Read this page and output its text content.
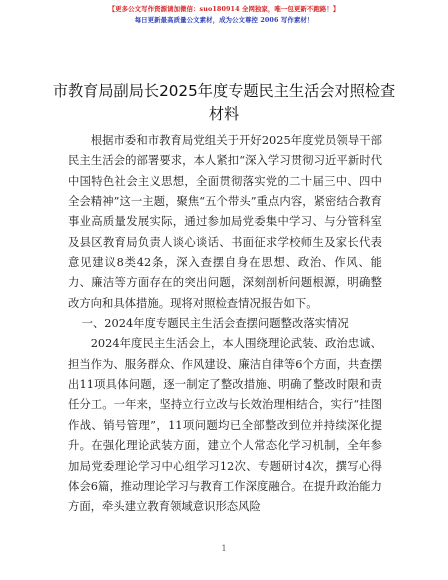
【更多公文写作资源请加微信：suo180914 全网独家，唯一包更新不跑路！】
每日更新最高质量公文素材，成为公文尊控 2006 写作素材！
市教育局副局长2025年度专题民主生活会对照检查材料

根据市委和市教育局党组关于开好2025年度党员领导干部民主生活会的部署要求，本人紧扣“深入学习贯彻习近平新时代中国特色社会主义思想，全面贯彻落实党的二十届三中、四中全会精神”这一主题，聚焦“五个带头”重点内容，紧密结合教育事业高质量发展实际，通过参加局党委集中学习、与分管科室及县区教育局负责人谈心谈话、书面征求学校师生及家长代表意见建议8类42条，深入查摆自身在思想、政治、作风、能力、廉洁等方面存在的突出问题，深刻剖析问题根源，明确整改方向和具体措施。现将对照检查情况报告如下。

一、2024年度专题民主生活会查摆问题整改落实情况

2024年度民主生活会上，本人围绕理论武装、政治忠诚、担当作为、服务群众、作风建设、廉洁自律等6个方面，共查摆出11项具体问题，逐一制定了整改措施、明确了整改时限和责任分工。一年来，坚持立行立改与长效治理相结合，实行“挂图作战、销号管理”，11项问题均已全部整改到位并持续深化提升。在强化理论武装方面，建立个人常态化学习机制，全年参加局党委理论学习中心组学习12次、专题研讨4次，撰写心得体会6篇，推动理论学习与教育工作深度融合。在提升政治能力方面，牵头建立教育领域意识形态风险

1
